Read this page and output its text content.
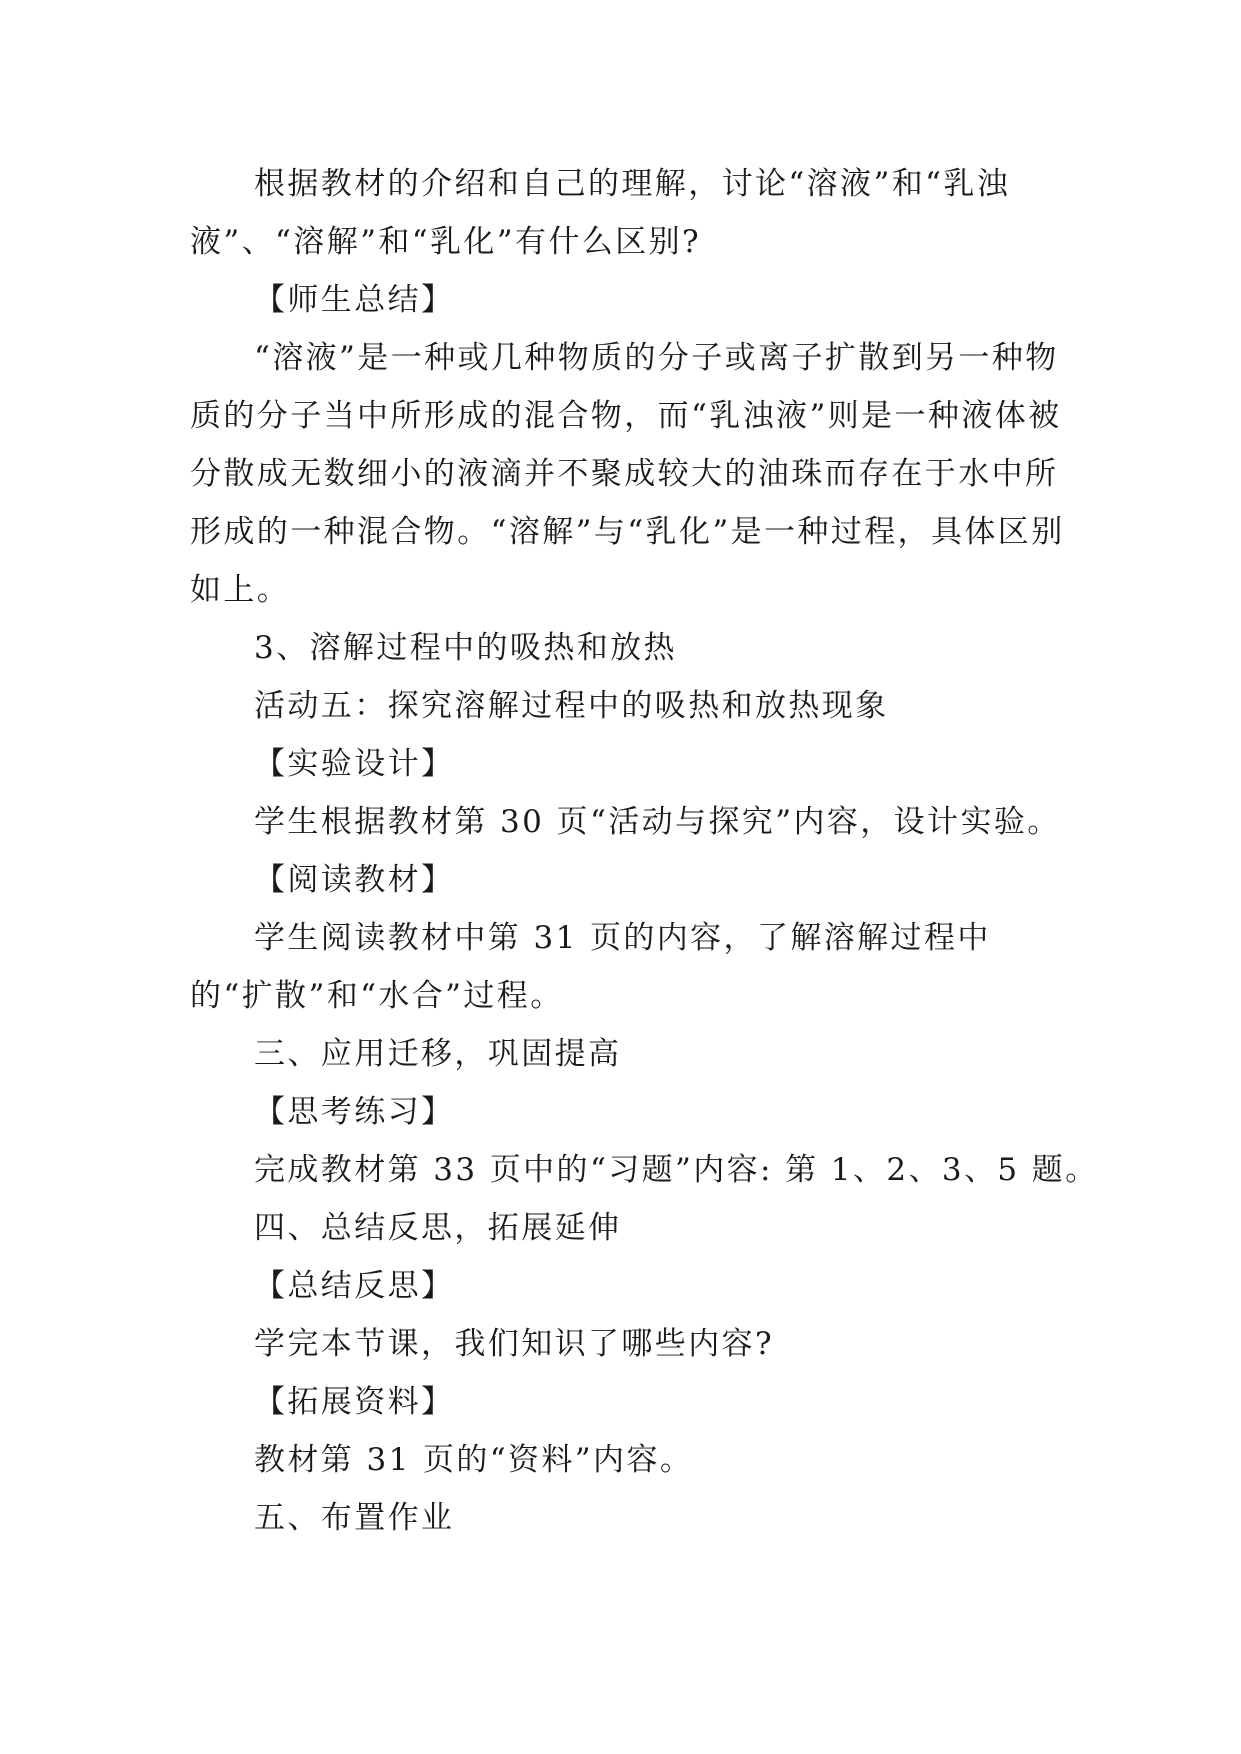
根据教材的介绍和自己的理解，讨论“溶液”和“乳浊液”、“溶解”和“乳化”有什么区别?

【师生总结】

“溶液”是一种或几种物质的分子或离子扩散到另一种物质的分子当中所形成的混合物，而“乳浊液”则是一种液体被分散成无数细小的液滴并不聚成较大的油珠而存在于水中所形成的一种混合物。“溶解”与“乳化”是一种过程，具体区别如上。

3、溶解过程中的吸热和放热

活动五：探究溶解过程中的吸热和放热现象

【实验设计】

学生根据教材第 30 页“活动与探究”内容，设计实验。

【阅读教材】

学生阅读教材中第 31 页的内容，了解溶解过程中的“扩散”和“水合”过程。

三、应用迁移，巩固提高

【思考练习】

完成教材第 33 页中的“习题”内容: 第 1、2、3、5 题。

四、总结反思，拓展延伸

【总结反思】

学完本节课，我们知识了哪些内容?

【拓展资料】

教材第 31 页的“资料”内容。

五、布置作业
